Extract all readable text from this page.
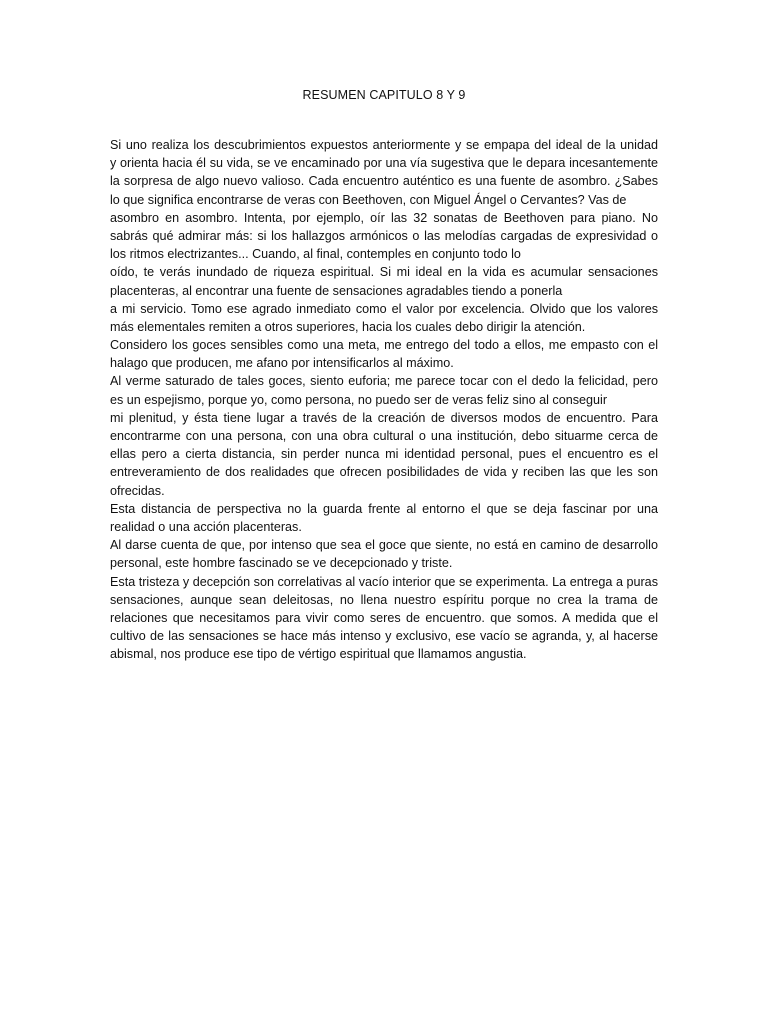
RESUMEN CAPITULO 8 Y 9
Si uno realiza los descubrimientos expuestos anteriormente y se empapa del ideal de la unidad
y orienta hacia él su vida, se ve encaminado por una vía sugestiva que le depara incesantemente
la sorpresa de algo nuevo valioso. Cada encuentro auténtico es una fuente de asombro. ¿Sabes
lo que significa encontrarse de veras con Beethoven, con Miguel Ángel o Cervantes? Vas de
asombro en asombro. Intenta, por ejemplo, oír las 32 sonatas de Beethoven para piano. No
sabrás qué admirar más: si los hallazgos armónicos o las melodías cargadas de expresividad o
los ritmos electrizantes... Cuando, al final, contemples en conjunto todo lo
oído, te verás inundado de riqueza espiritual. Si mi ideal en la vida es acumular sensaciones
placenteras, al encontrar una fuente de sensaciones agradables tiendo a ponerla
a mi servicio. Tomo ese agrado inmediato como el valor por excelencia. Olvido que los valores
más elementales remiten a otros superiores, hacia los cuales debo dirigir la atención.
Considero los goces sensibles como una meta, me entrego del todo a ellos, me empasto con el
halago que producen, me afano por intensificarlos al máximo.
Al verme saturado de tales goces, siento euforia; me parece tocar con el dedo la felicidad, pero
es un espejismo, porque yo, como persona, no puedo ser de veras feliz sino al conseguir
mi plenitud, y ésta tiene lugar a través de la creación de diversos modos de encuentro. Para
encontrarme con una persona, con una obra cultural o una institución, debo situarme cerca de
ellas pero a cierta distancia, sin perder nunca mi identidad personal, pues el encuentro es el
entreveramiento de dos realidades que ofrecen posibilidades de vida y reciben las que les son
ofrecidas.
Esta distancia de perspectiva no la guarda frente al entorno el que se deja fascinar por una
realidad o una acción placenteras.
Al darse cuenta de que, por intenso que sea el goce que siente, no está en camino de desarrollo
personal, este hombre fascinado se ve decepcionado y triste.
Esta tristeza y decepción son correlativas al vacío interior que se experimenta. La entrega a puras
sensaciones, aunque sean deleitosas, no llena nuestro espíritu porque no crea la trama de
relaciones que necesitamos para vivir como seres de encuentro. que somos. A medida que el
cultivo de las sensaciones se hace más intenso y exclusivo, ese vacío se agranda, y, al hacerse
abismal, nos produce ese tipo de vértigo espiritual que llamamos angustia.
